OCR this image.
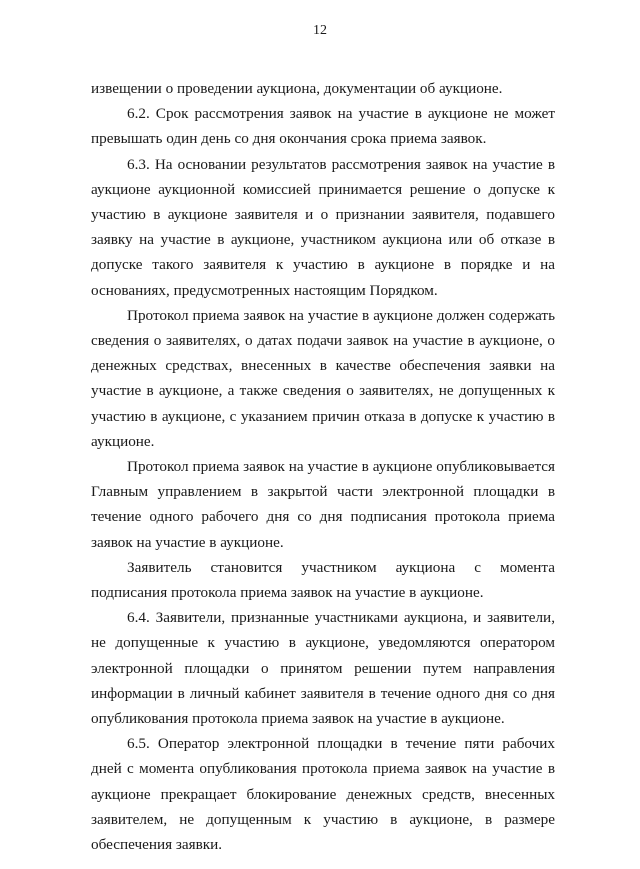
12

извещении о проведении аукциона, документации об аукционе.

6.2. Срок рассмотрения заявок на участие в аукционе не может превышать один день со дня окончания срока приема заявок.

6.3. На основании результатов рассмотрения заявок на участие в аукционе аукционной комиссией принимается решение о допуске к участию в аукционе заявителя и о признании заявителя, подавшего заявку на участие в аукционе, участником аукциона или об отказе в допуске такого заявителя к участию в аукционе в порядке и на основаниях, предусмотренных настоящим Порядком.

Протокол приема заявок на участие в аукционе должен содержать сведения о заявителях, о датах подачи заявок на участие в аукционе, о денежных средствах, внесенных в качестве обеспечения заявки на участие в аукционе, а также сведения о заявителях, не допущенных к участию в аукционе, с указанием причин отказа в допуске к участию в аукционе.

Протокол приема заявок на участие в аукционе опубликовывается Главным управлением в закрытой части электронной площадки в течение одного рабочего дня со дня подписания протокола приема заявок на участие в аукционе.

Заявитель становится участником аукциона с момента подписания протокола приема заявок на участие в аукционе.

6.4. Заявители, признанные участниками аукциона, и заявители, не допущенные к участию в аукционе, уведомляются оператором электронной площадки о принятом решении путем направления информации в личный кабинет заявителя в течение одного дня со дня опубликования протокола приема заявок на участие в аукционе.

6.5. Оператор электронной площадки в течение пяти рабочих дней с момента опубликования протокола приема заявок на участие в аукционе прекращает блокирование денежных средств, внесенных заявителем, не допущенным к участию в аукционе, в размере обеспечения заявки.
